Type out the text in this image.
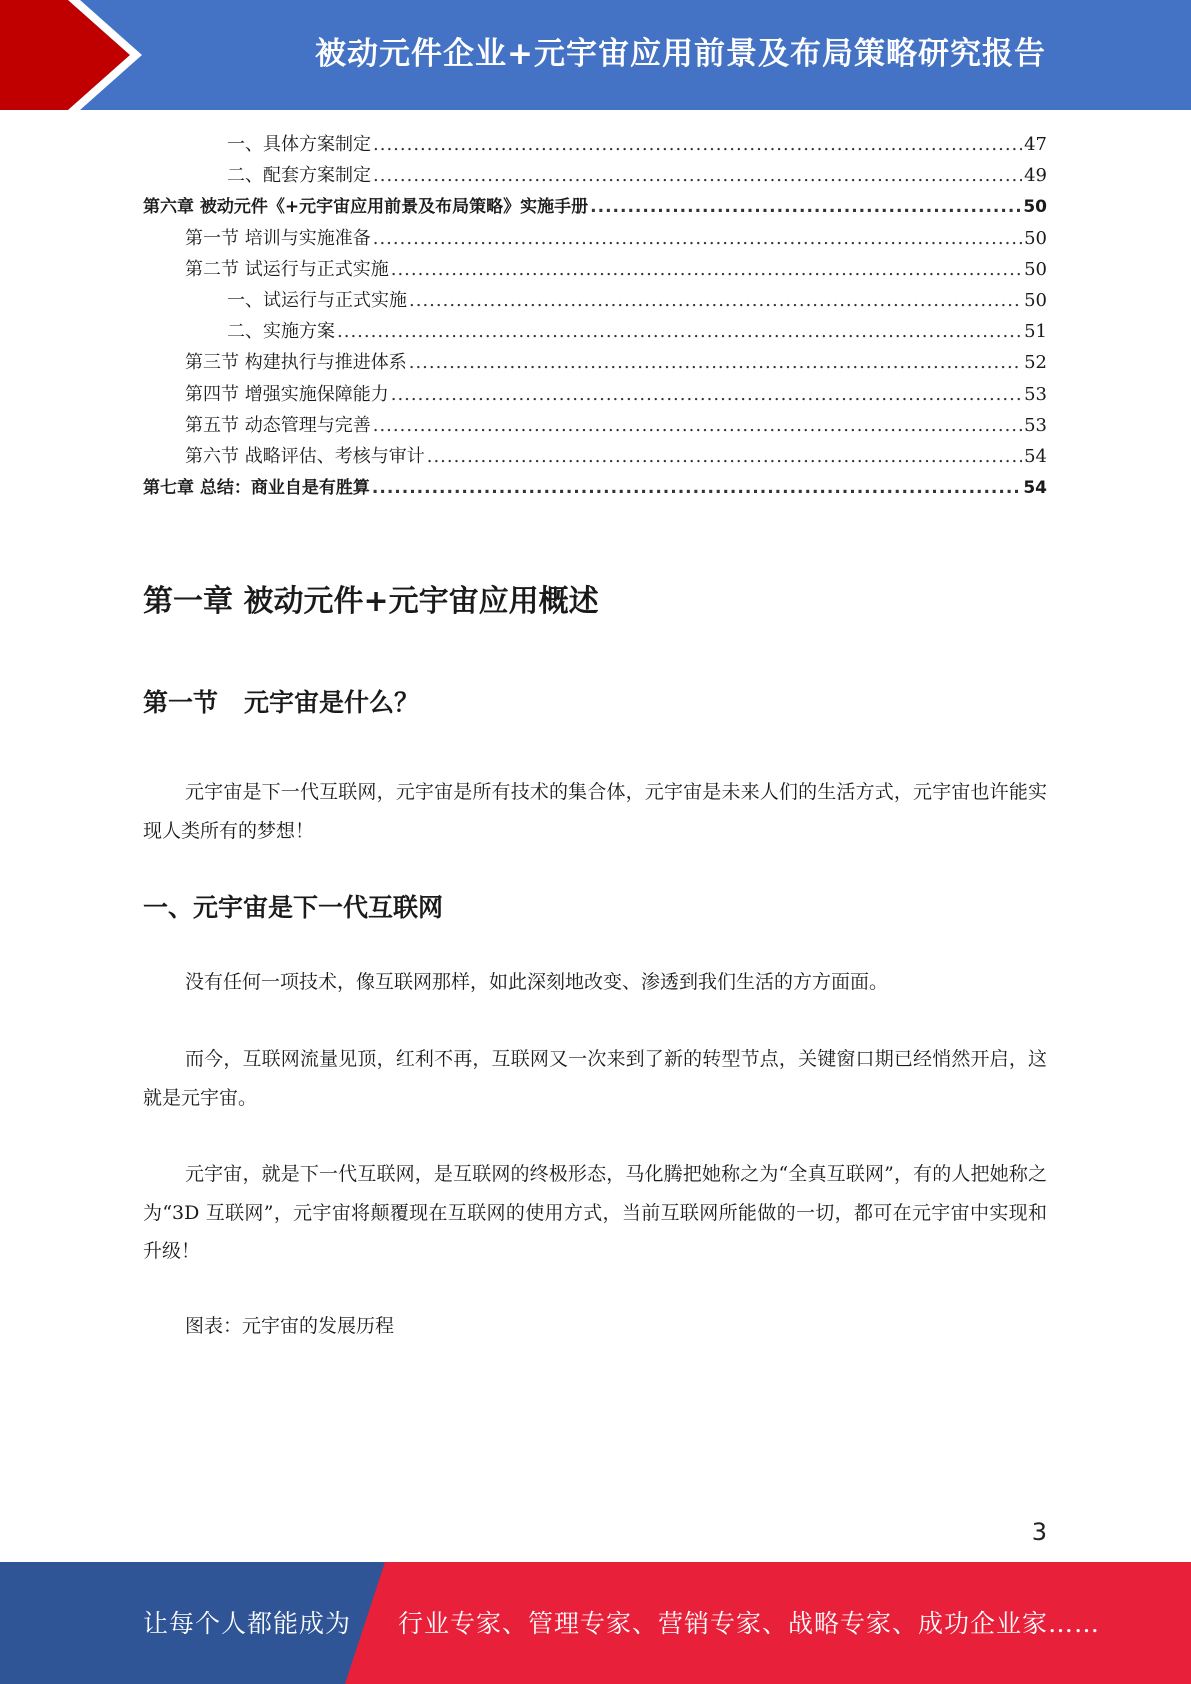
被动元件企业+元宇宙应用前景及布局策略研究报告
一、具体方案制定 .....	47
二、配套方案制定 .....	49
第六章 被动元件《+元宇宙应用前景及布局策略》实施手册 .....	50
第一节 培训与实施准备 .....	50
第二节 试运行与正式实施 .....	50
一、试运行与正式实施 .....	50
二、实施方案 .....	51
第三节 构建执行与推进体系 .....	52
第四节 增强实施保障能力 .....	53
第五节 动态管理与完善 .....	53
第六节 战略评估、考核与审计 .....	54
第七章 总结：商业自是有胜算 .....	54
第一章 被动元件+元宇宙应用概述
第一节 元宇宙是什么？
元宇宙是下一代互联网，元宇宙是所有技术的集合体，元宇宙是未来人们的生活方式，元宇宙也许能实现人类所有的梦想！
一、元宇宙是下一代互联网
没有任何一项技术，像互联网那样，如此深刻地改变、渗透到我们生活的方方面面。
而今，互联网流量见顶，红利不再，互联网又一次来到了新的转型节点，关键窗口期已经悄然开启，这就是元宇宙。
元宇宙，就是下一代互联网，是互联网的终极形态，马化腾把她称之为“全真互联网”，有的人把她称之为“3D 互联网”，元宇宙将颠覆现在互联网的使用方式，当前互联网所能做的一切，都可在元宇宙中实现和升级！
图表：元宇宙的发展历程
3
让每个人都能成为 行业专家、管理专家、营销专家、战略专家、成功企业家……
